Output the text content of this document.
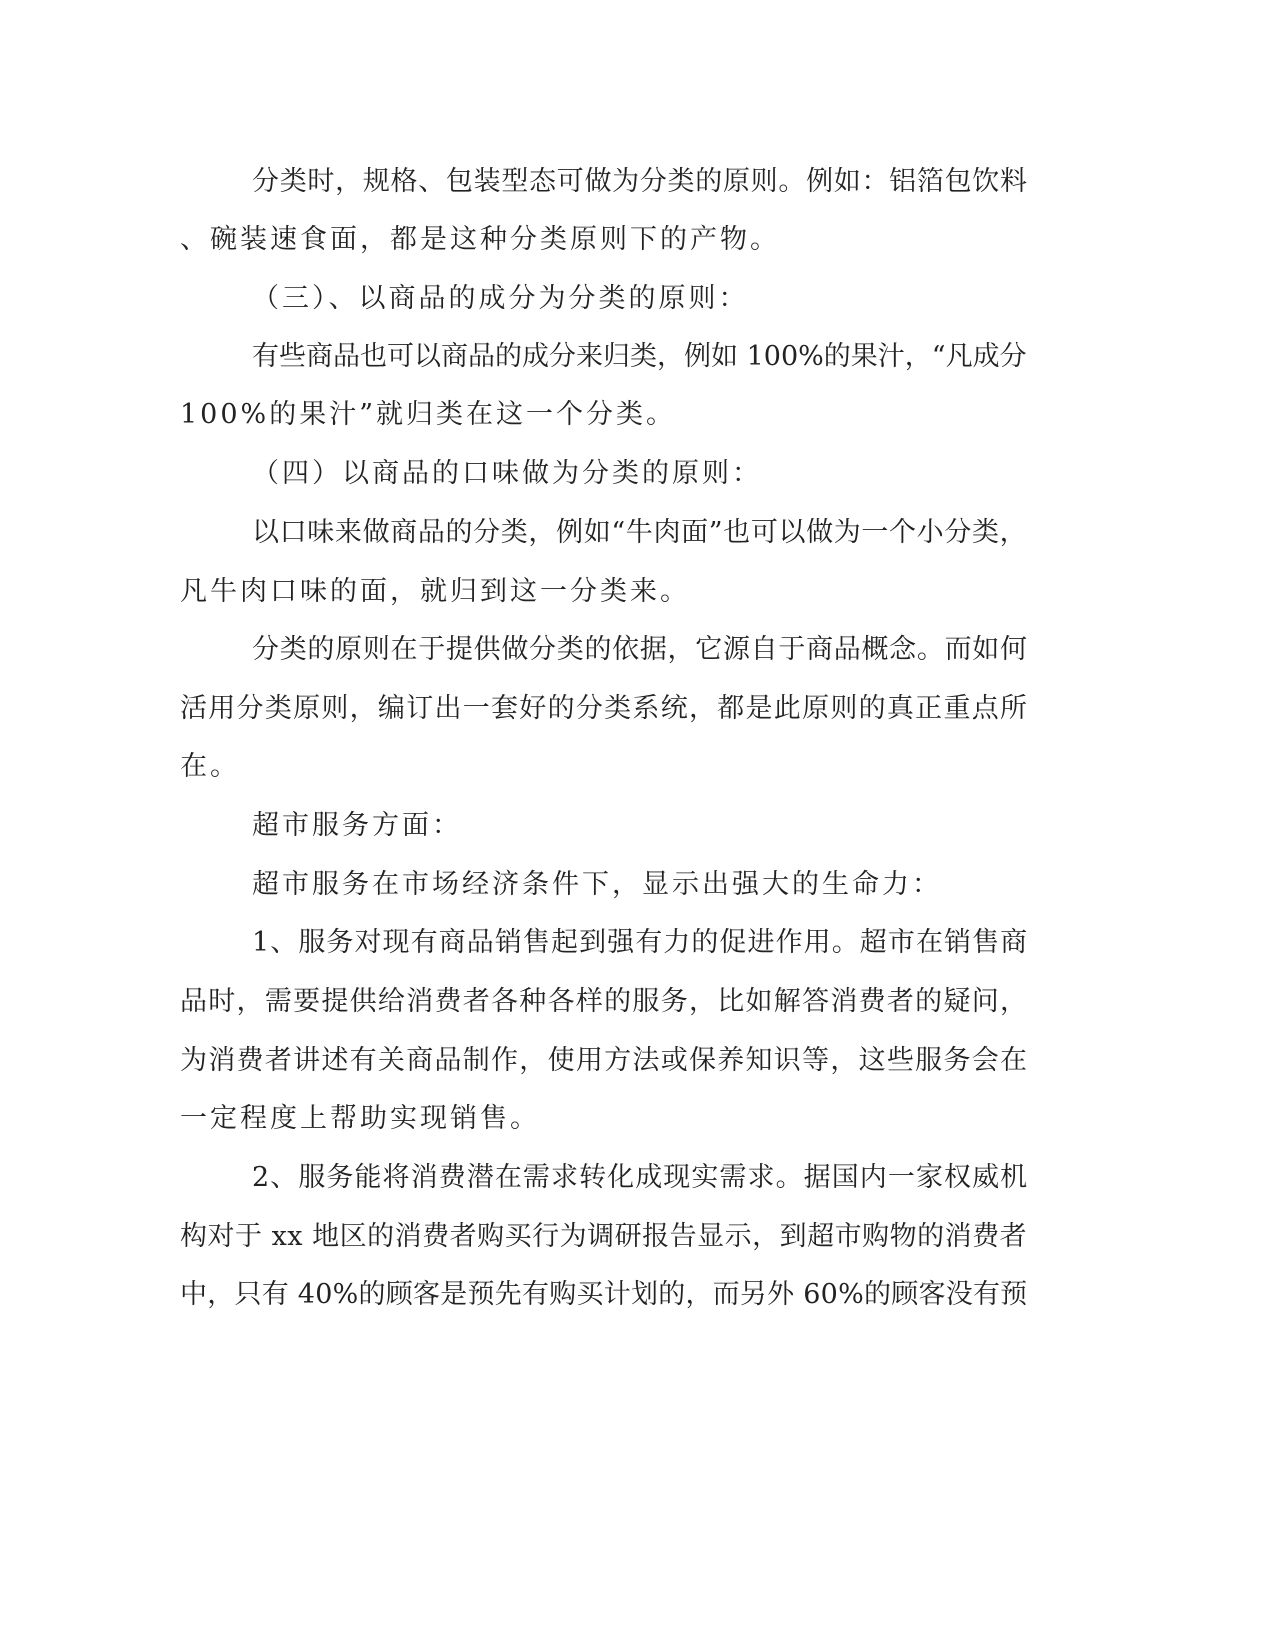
分类时，规格、包装型态可做为分类的原则。例如：铝箔包饮料
、碗装速食面，都是这种分类原则下的产物。
（三）、以商品的成分为分类的原则：
有些商品也可以商品的成分来归类，例如 100%的果汁，“凡成分
100%的果汁”就归类在这一个分类。
（四）以商品的口味做为分类的原则：
以口味来做商品的分类，例如“牛肉面”也可以做为一个小分类，
凡牛肉口味的面，就归到这一分类来。
分类的原则在于提供做分类的依据，它源自于商品概念。而如何
活用分类原则，编订出一套好的分类系统，都是此原则的真正重点所
在。
超市服务方面：
超市服务在市场经济条件下，显示出强大的生命力：
1、服务对现有商品销售起到强有力的促进作用。超市在销售商
品时，需要提供给消费者各种各样的服务，比如解答消费者的疑问，
为消费者讲述有关商品制作，使用方法或保养知识等，这些服务会在
一定程度上帮助实现销售。
2、服务能将消费潜在需求转化成现实需求。据国内一家权威机
构对于 xx 地区的消费者购买行为调研报告显示，到超市购物的消费者
中，只有 40%的顾客是预先有购买计划的，而另外 60%的顾客没有预
